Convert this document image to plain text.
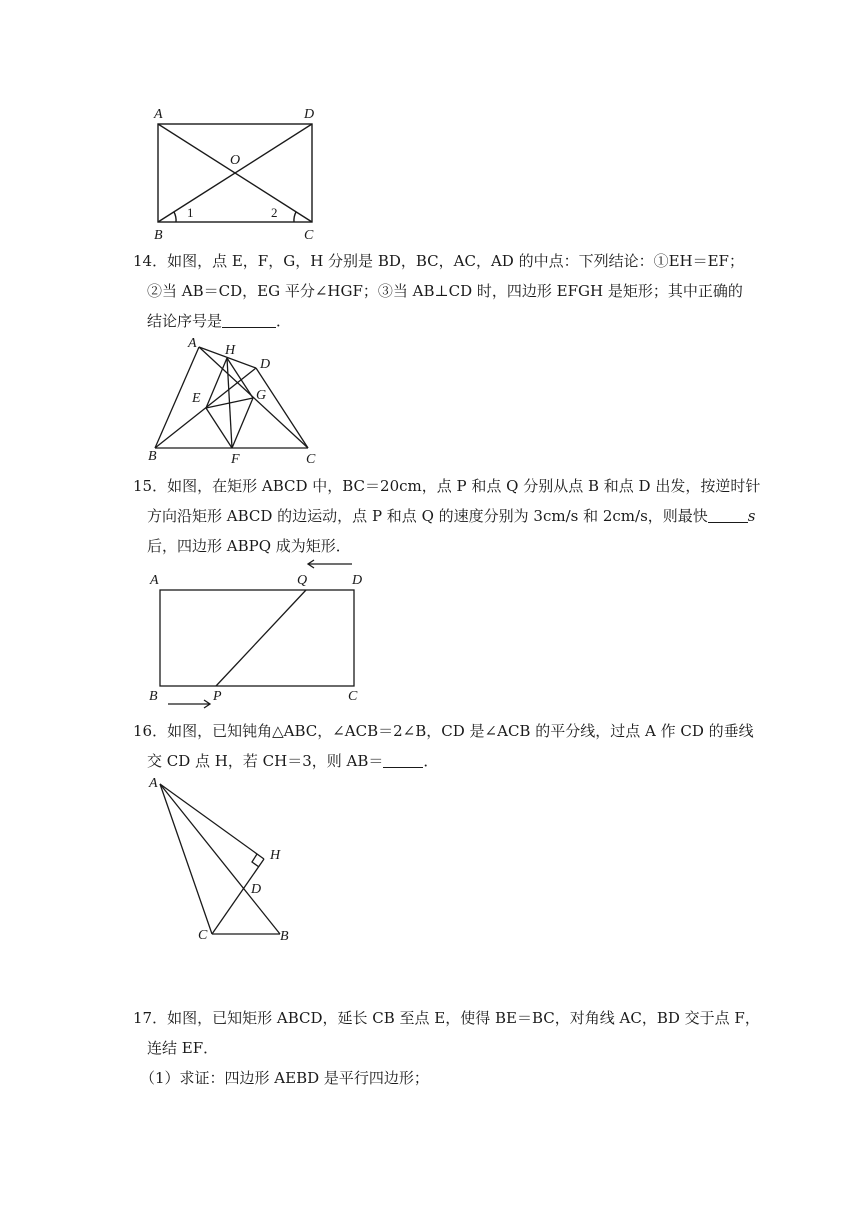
A	D
O
B	C
1	2
14．如图，点 E，F，G，H 分别是 BD，BC，AC，AD 的中点：下列结论：①EH＝EF；
②当 AB＝CD，EG 平分∠HGF；③当 AB⊥CD 时，四边形 EFGH 是矩形；其中正确的
结论序号是	．
A H
D
E	G
B	F	C
15．如图，在矩形 ABCD 中，BC＝20cm，点 P 和点 Q 分别从点 B 和点 D 出发，按逆时针
方向沿矩形 ABCD 的边运动，点 P 和点 Q 的速度分别为 3cm/s 和 2cm/s，则最快	s
后，四边形 ABPQ 成为矩形．
A	Q	D
B	P	C
16．如图，已知钝角△ABC，∠ACB＝2∠B，CD 是∠ACB 的平分线，过点 A 作 CD 的垂线
交 CD 点 H，若 CH＝3，则 AB＝	．
A
H
D
C	B
17．如图，已知矩形 ABCD，延长 CB 至点 E，使得 BE＝BC，对角线 AC，BD 交于点 F，
连结 EF．
（1）求证：四边形 AEBD 是平行四边形；
